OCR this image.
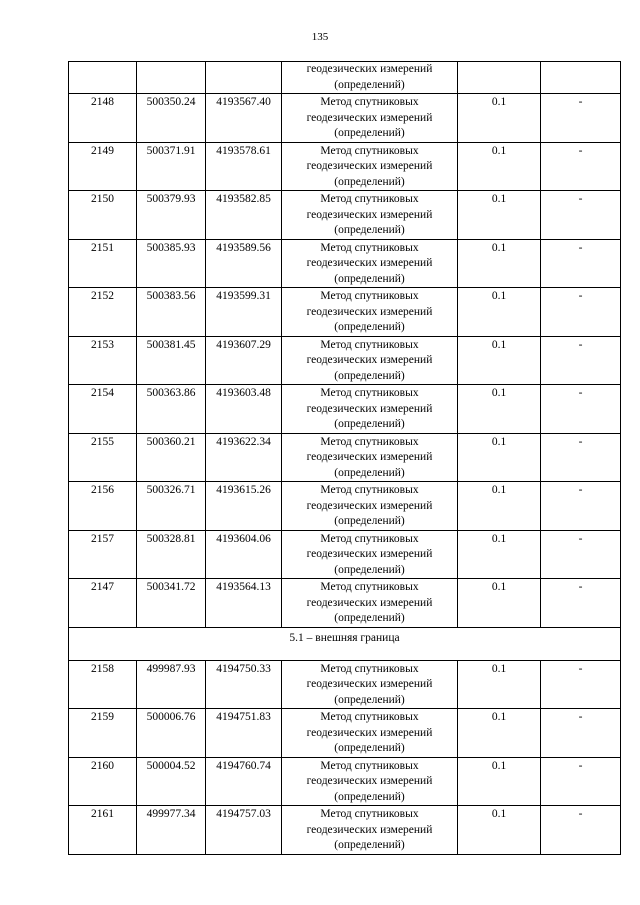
135

			геодезических измерений
(определений)		

2148	500350.24	4193567.40	Метод спутниковых
геодезических измерений
(определений)	0.1	-
2149	500371.91	4193578.61	Метод спутниковых
геодезических измерений
(определений)	0.1	-
2150	500379.93	4193582.85	Метод спутниковых
геодезических измерений
(определений)	0.1	-
2151	500385.93	4193589.56	Метод спутниковых
геодезических измерений
(определений)	0.1	-
2152	500383.56	4193599.31	Метод спутниковых
геодезических измерений
(определений)	0.1	-
2153	500381.45	4193607.29	Метод спутниковых
геодезических измерений
(определений)	0.1	-
2154	500363.86	4193603.48	Метод спутниковых
геодезических измерений
(определений)	0.1	-
2155	500360.21	4193622.34	Метод спутниковых
геодезических измерений
(определений)	0.1	-
2156	500326.71	4193615.26	Метод спутниковых
геодезических измерений
(определений)	0.1	-
2157	500328.81	4193604.06	Метод спутниковых
геодезических измерений
(определений)	0.1	-
2147	500341.72	4193564.13	Метод спутниковых
геодезических измерений
(определений)	0.1	-
5.1 – внешняя граница					
2158	499987.93	4194750.33	Метод спутниковых
геодезических измерений
(определений)	0.1	-
2159	500006.76	4194751.83	Метод спутниковых
геодезических измерений
(определений)	0.1	-
2160	500004.52	4194760.74	Метод спутниковых
геодезических измерений
(определений)	0.1	-
2161	499977.34	4194757.03	Метод спутниковых
геодезических измерений
(определений)	0.1	-
